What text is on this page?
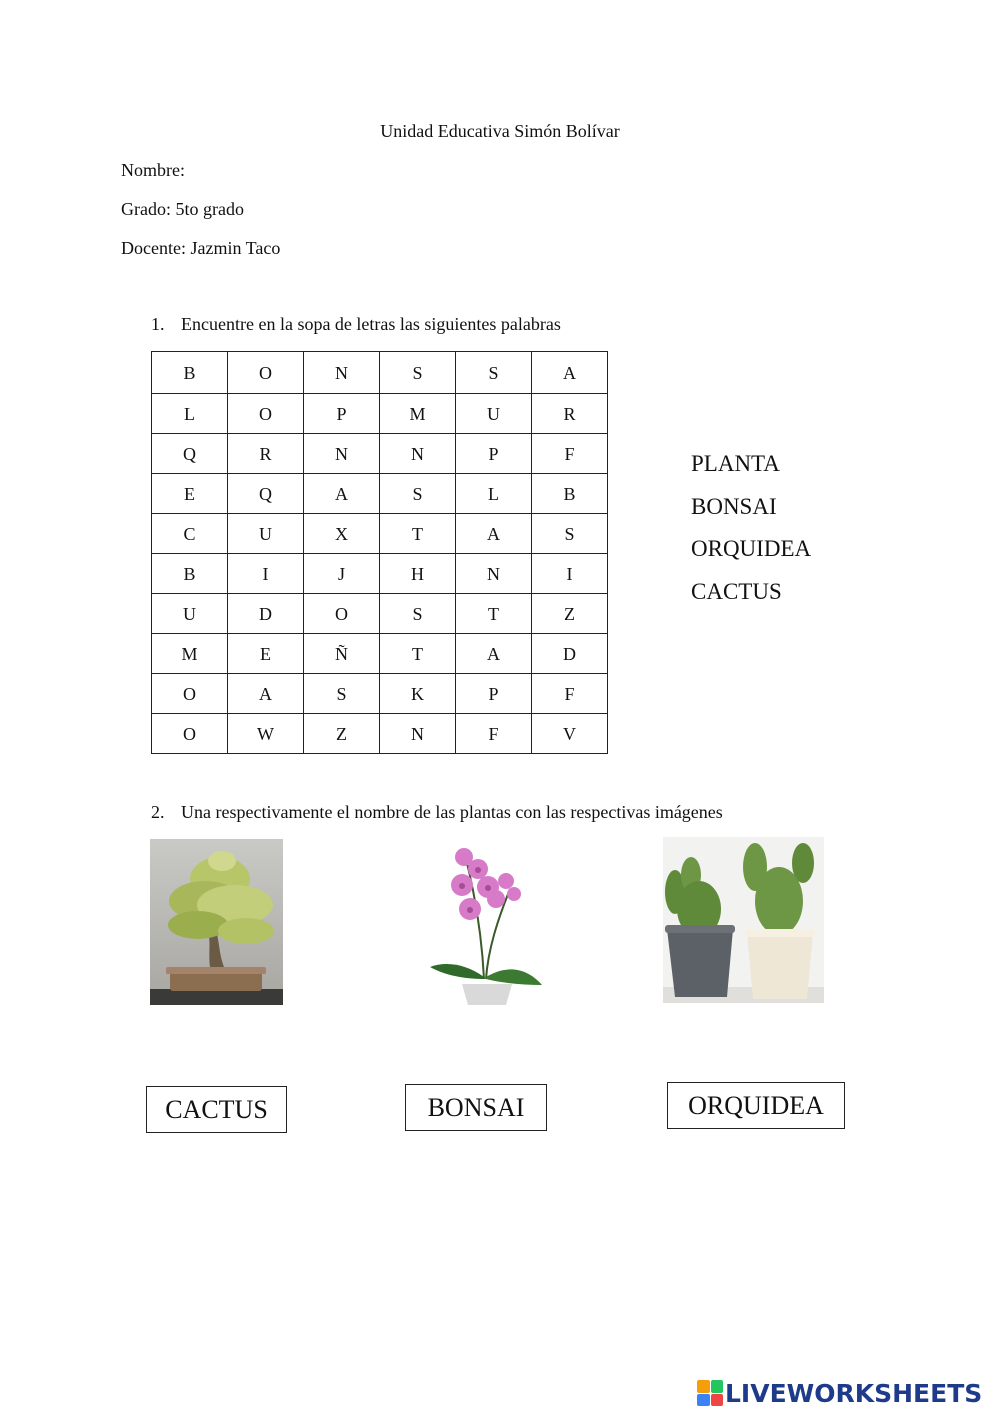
Unidad Educativa Simón Bolívar
Nombre:
Grado: 5to grado
Docente: Jazmin Taco
1. Encuentre en la sopa de letras las siguientes palabras
B	O	N	S	S	A
L	O	P	M	U	R
Q	R	N	N	P	F
E	Q	A	S	L	B
C	U	X	T	A	S
B	I	J	H	N	I
U	D	O	S	T	Z
M	E	Ñ	T	A	D
O	A	S	K	P	F
O	W	Z	N	F	V
PLANTA
BONSAI
ORQUIDEA
CACTUS
2. Una respectivamente el nombre de las plantas con las respectivas imágenes
CACTUS	BONSAI	ORQUIDEA
LIVEWORKSHEETS
